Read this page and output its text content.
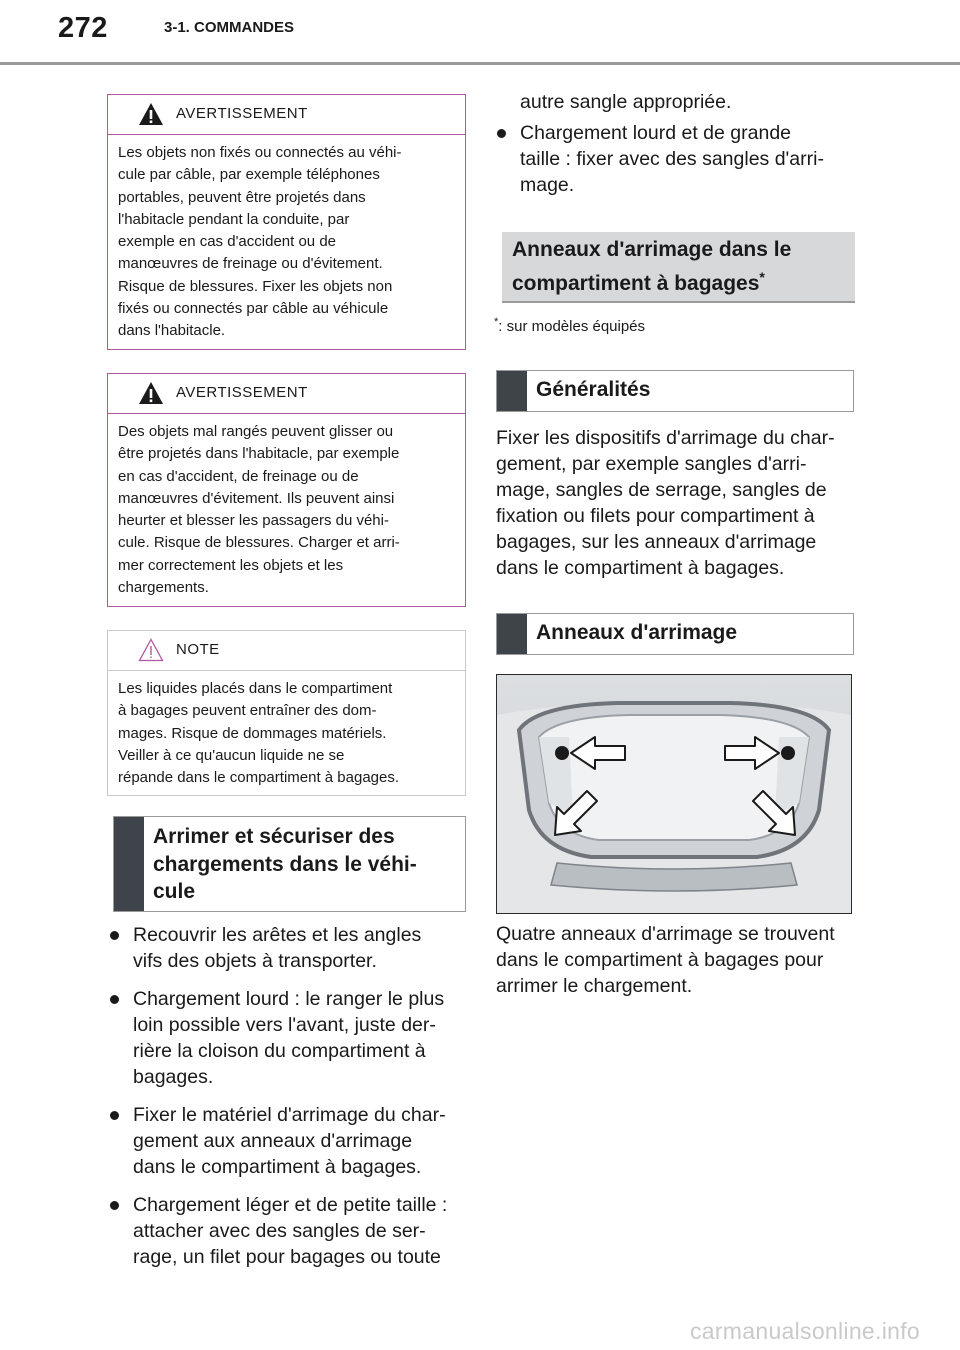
272	3-1. COMMANDES
AVERTISSEMENT
Les objets non fixés ou connectés au véhi-
cule par câble, par exemple téléphones
portables, peuvent être projetés dans
l'habitacle pendant la conduite, par
exemple en cas d'accident ou de
manœuvres de freinage ou d'évitement.
Risque de blessures. Fixer les objets non
fixés ou connectés par câble au véhicule
dans l'habitacle.
AVERTISSEMENT
Des objets mal rangés peuvent glisser ou
être projetés dans l'habitacle, par exemple
en cas d'accident, de freinage ou de
manœuvres d'évitement. Ils peuvent ainsi
heurter et blesser les passagers du véhi-
cule. Risque de blessures. Charger et arri-
mer correctement les objets et les
chargements.
NOTE
Les liquides placés dans le compartiment
à bagages peuvent entraîner des dom-
mages. Risque de dommages matériels.
Veiller à ce qu'aucun liquide ne se
répande dans le compartiment à bagages.
Arrimer et sécuriser des
chargements dans le véhi-
cule
Recouvrir les arêtes et les angles
vifs des objets à transporter.
Chargement lourd : le ranger le plus
loin possible vers l'avant, juste der-
rière la cloison du compartiment à
bagages.
Fixer le matériel d'arrimage du char-
gement aux anneaux d'arrimage
dans le compartiment à bagages.
Chargement léger et de petite taille :
attacher avec des sangles de ser-
rage, un filet pour bagages ou toute
autre sangle appropriée.
Chargement lourd et de grande
taille : fixer avec des sangles d'arri-
mage.
Anneaux d'arrimage dans le
compartiment à bagages*
*: sur modèles équipés
Généralités
Fixer les dispositifs d'arrimage du char-
gement, par exemple sangles d'arri-
mage, sangles de serrage, sangles de
fixation ou filets pour compartiment à
bagages, sur les anneaux d'arrimage
dans le compartiment à bagages.
Anneaux d'arrimage
Quatre anneaux d'arrimage se trouvent
dans le compartiment à bagages pour
arrimer le chargement.
carmanualsonline.info
